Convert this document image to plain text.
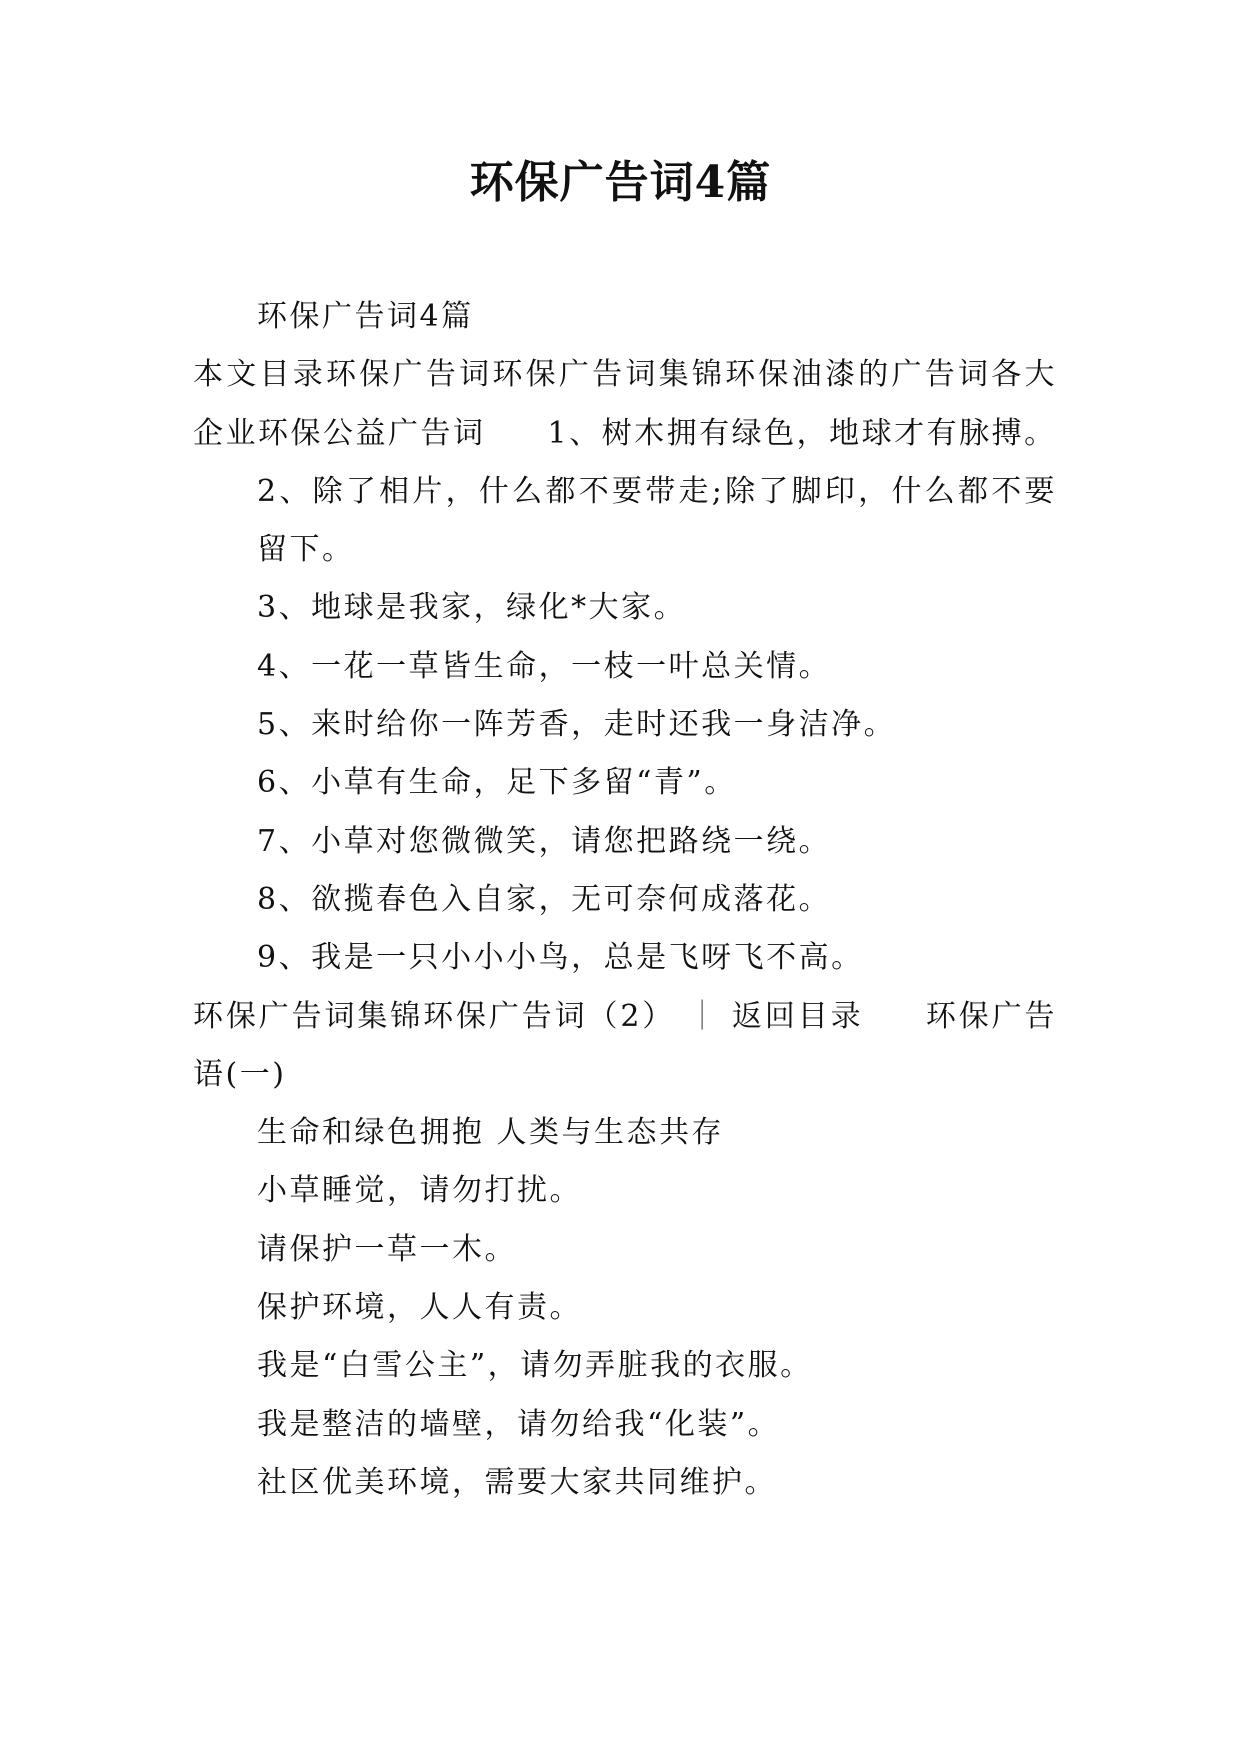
环保广告词4篇

环保广告词4篇

本文目录环保广告词环保广告词集锦环保油漆的广告词各大企业环保公益广告词 1、树木拥有绿色，地球才有脉搏。

2、除了相片，什么都不要带走;除了脚印，什么都不要留下。

3、地球是我家，绿化*大家。

4、一花一草皆生命，一枝一叶总关情。

5、来时给你一阵芳香，走时还我一身洁净。

6、小草有生命，足下多留“青”。

7、小草对您微微笑，请您把路绕一绕。

8、欲揽春色入自家，无可奈何成落花。

9、我是一只小小小鸟，总是飞呀飞不高。

环保广告词集锦环保广告词（2） ｜ 返回目录 环保广告语(一)

生命和绿色拥抱 人类与生态共存

小草睡觉，请勿打扰。

请保护一草一木。

保护环境，人人有责。

我是“白雪公主”，请勿弄脏我的衣服。

我是整洁的墙壁，请勿给我“化装”。

社区优美环境，需要大家共同维护。
